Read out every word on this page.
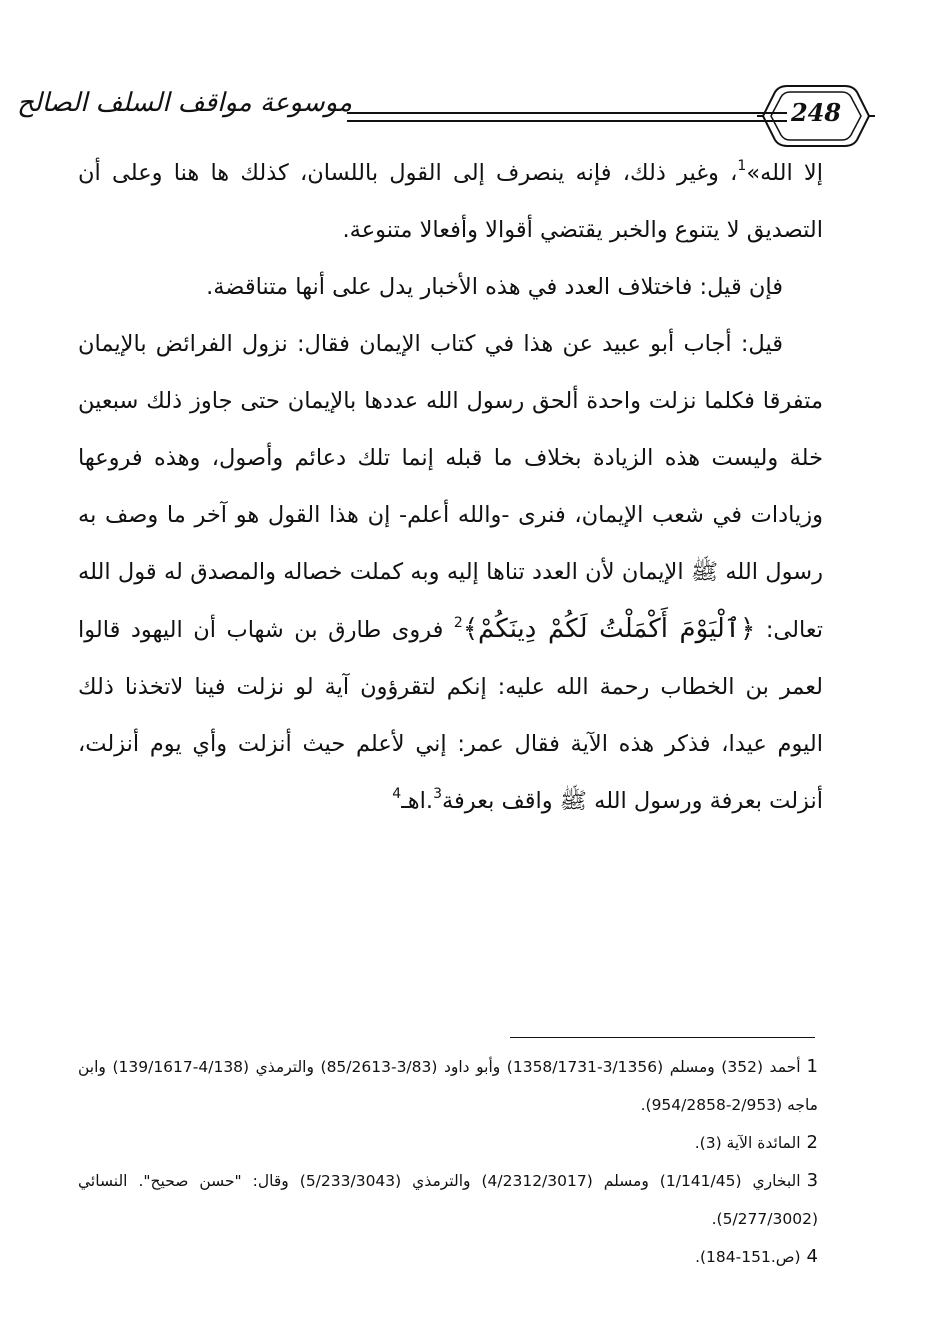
موسوعة مواقف السلف الصالح	248

إلا الله»$^1$، وغير ذلك، فإنه ينصرف إلى القول باللسان، كذلك ها هنا وعلى أن التصديق لا يتنوع والخبر يقتضي أقوالا وأفعالا متنوعة.

فإن قيل: فاختلاف العدد في هذه الأخبار يدل على أنها متناقضة.

قيل: أجاب أبو عبيد عن هذا في كتاب الإيمان فقال: نزول الفرائض بالإيمان متفرقا فكلما نزلت واحدة ألحق رسول الله عددها بالإيمان حتى جاوز ذلك سبعين خلة وليست هذه الزيادة بخلاف ما قبله إنما تلك دعائم وأصول، وهذه فروعها وزيادات في شعب الإيمان، فنرى -والله أعلم- إن هذا القول هو آخر ما وصف به رسول الله ﷺ الإيمان لأن العدد تناها إليه وبه كملت خصاله والمصدق له قول الله تعالى: ﴿ٱلْيَوْمَ أَكْمَلْتُ لَكُمْ دِينَكُمْ﴾$^2$ فروى طارق بن شهاب أن اليهود قالوا لعمر بن الخطاب رحمة الله عليه: إنكم لتقرؤون آية لو نزلت فينا لاتخذنا ذلك اليوم عيدا، فذكر هذه الآية فقال عمر: إني لأعلم حيث أنزلت وأي يوم أنزلت، أنزلت بعرفة ورسول الله ﷺ واقف بعرفة$^3$.اهـ$^4$

1أحمد (352) ومسلم (3/1356-1358/1731) وأبو داود (3/83-85/2613) والترمذي (4/138-139/1617) وابن ماجه (2/953-954/2858).

2المائدة الآية (3).

3البخاري (1/141/45) ومسلم (4/2312/3017) والترمذي (5/233/3043) وقال: "حسن صحيح". النسائي (5/277/3002).

4(ص.151-184).
